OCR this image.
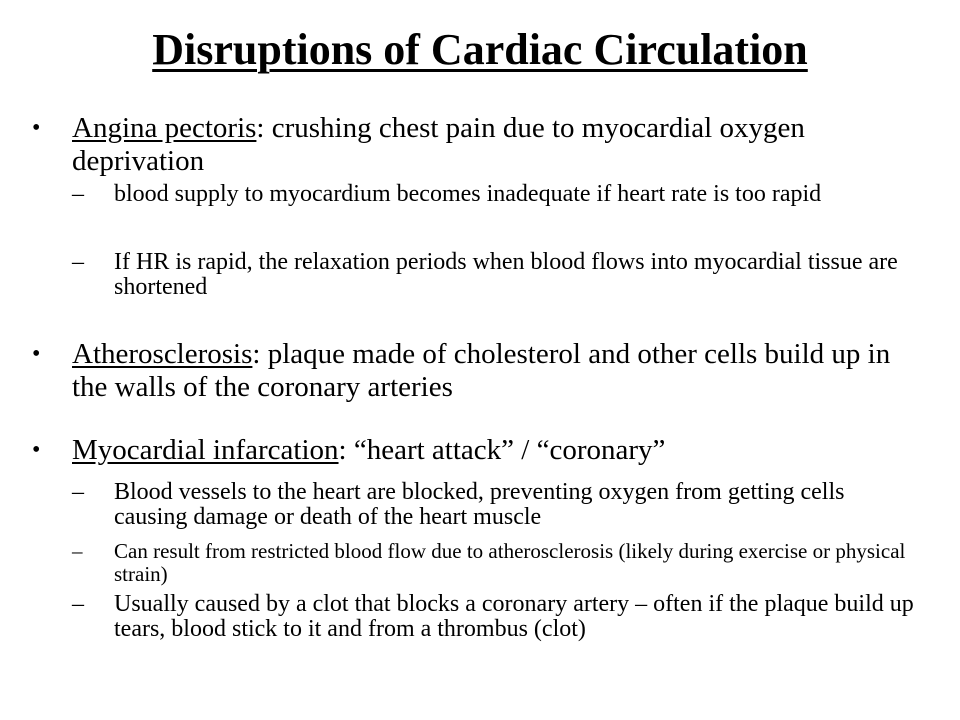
Disruptions of Cardiac Circulation
• Angina pectoris: crushing chest pain due to myocardial oxygen deprivation
– blood supply to myocardium becomes inadequate if heart rate is too rapid
– If HR is rapid, the relaxation periods when blood flows into myocardial tissue are shortened
• Atherosclerosis: plaque made of cholesterol and other cells build up in the walls of the coronary arteries
• Myocardial infarcation: “heart attack” / “coronary”
– Blood vessels to the heart are blocked, preventing oxygen from getting cells causing damage or death of the heart muscle
– Can result from restricted blood flow due to atherosclerosis (likely during exercise or physical strain)
– Usually caused by a clot that blocks a coronary artery – often if the plaque build up tears, blood stick to it and from a thrombus (clot)
